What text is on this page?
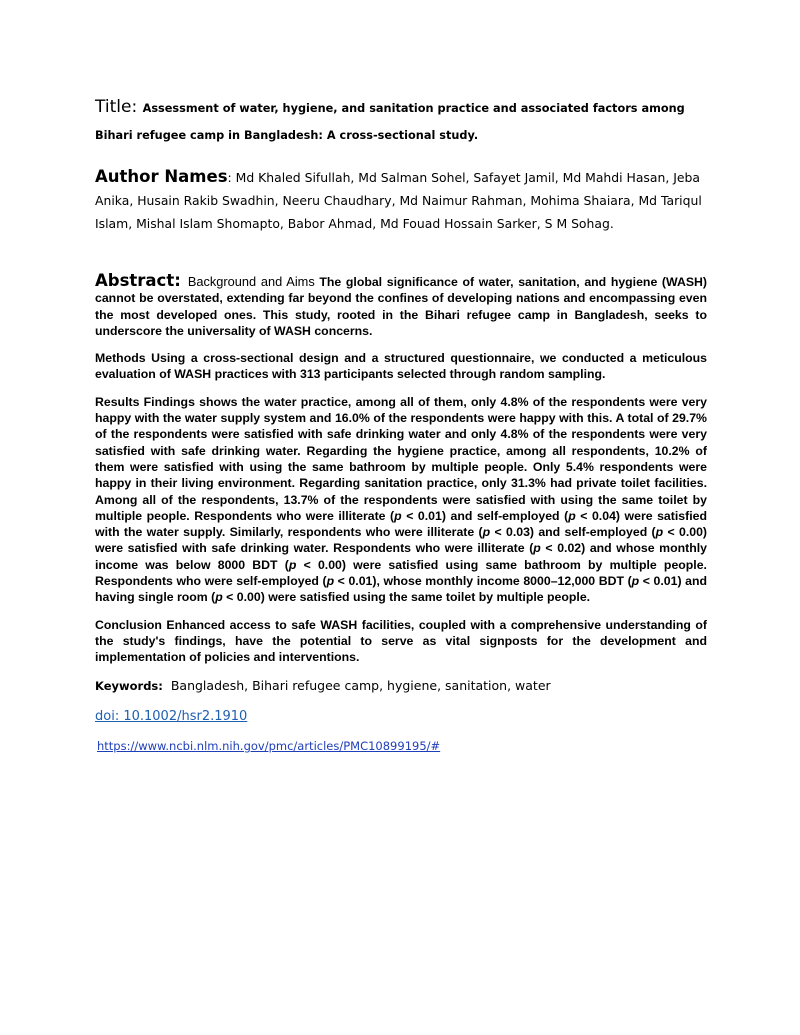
Title: Assessment of water, hygiene, and sanitation practice and associated factors among Bihari refugee camp in Bangladesh: A cross-sectional study.
Author Names: Md Khaled Sifullah, Md Salman Sohel, Safayet Jamil, Md Mahdi Hasan, Jeba Anika, Husain Rakib Swadhin, Neeru Chaudhary, Md Naimur Rahman, Mohima Shaiara, Md Tariqul Islam, Mishal Islam Shomapto, Babor Ahmad, Md Fouad Hossain Sarker, S M Sohag.

Abstract: Background and Aims The global significance of water, sanitation, and hygiene (WASH) cannot be overstated, extending far beyond the confines of developing nations and encompassing even the most developed ones. This study, rooted in the Bihari refugee camp in Bangladesh, seeks to underscore the universality of WASH concerns.

Methods Using a cross-sectional design and a structured questionnaire, we conducted a meticulous evaluation of WASH practices with 313 participants selected through random sampling.

Results Findings shows the water practice, among all of them, only 4.8% of the respondents were very happy with the water supply system and 16.0% of the respondents were happy with this. A total of 29.7% of the respondents were satisfied with safe drinking water and only 4.8% of the respondents were very satisfied with safe drinking water. Regarding the hygiene practice, among all respondents, 10.2% of them were satisfied with using the same bathroom by multiple people. Only 5.4% respondents were happy in their living environment. Regarding sanitation practice, only 31.3% had private toilet facilities. Among all of the respondents, 13.7% of the respondents were satisfied with using the same toilet by multiple people. Respondents who were illiterate (p < 0.01) and self-employed (p < 0.04) were satisfied with the water supply. Similarly, respondents who were illiterate (p < 0.03) and self-employed (p < 0.00) were satisfied with safe drinking water. Respondents who were illiterate (p < 0.02) and whose monthly income was below 8000 BDT (p < 0.00) were satisfied using same bathroom by multiple people. Respondents who were self-employed (p < 0.01), whose monthly income 8000–12,000 BDT (p < 0.01) and having single room (p < 0.00) were satisfied using the same toilet by multiple people.

Conclusion Enhanced access to safe WASH facilities, coupled with a comprehensive understanding of the study's findings, have the potential to serve as vital signposts for the development and implementation of policies and interventions.

Keywords: Bangladesh, Bihari refugee camp, hygiene, sanitation, water
doi: 10.1002/hsr2.1910
https://www.ncbi.nlm.nih.gov/pmc/articles/PMC10899195/#
